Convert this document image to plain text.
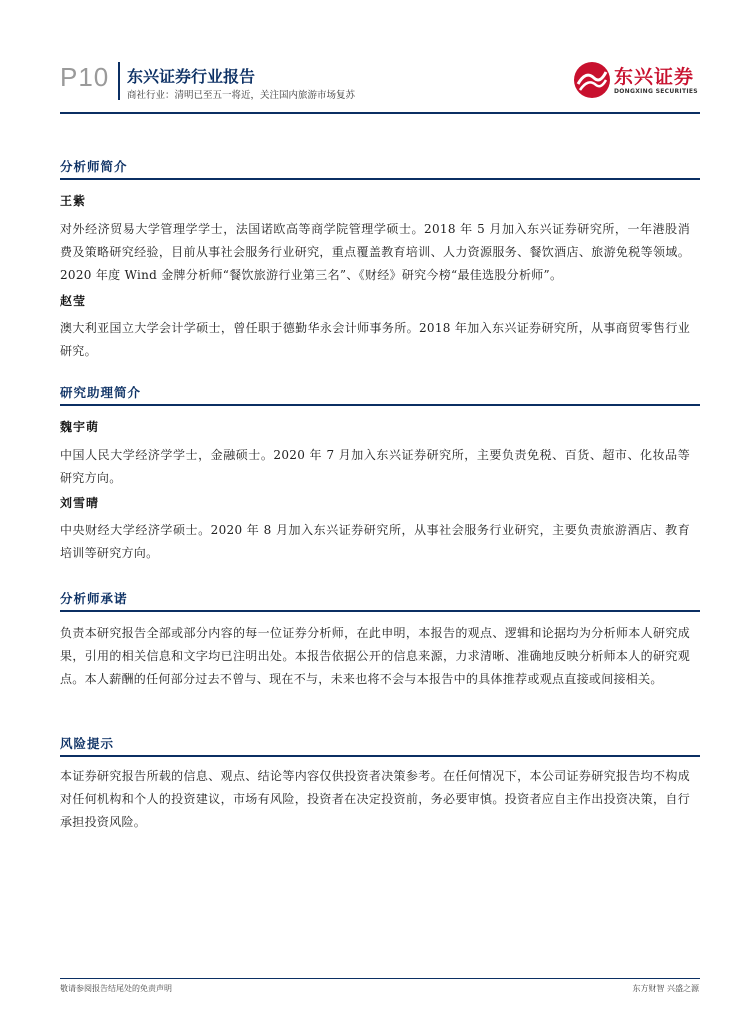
P10 东兴证券行业报告
商社行业：清明已至五一将近，关注国内旅游市场复苏
东兴证券
DONGXING SECURITIES
分析师简介
王紫
对外经济贸易大学管理学学士，法国诺欧高等商学院管理学硕士。2018 年 5 月加入东兴证券研究所，一年港股消费及策略研究经验，目前从事社会服务行业研究，重点覆盖教育培训、人力资源服务、餐饮酒店、旅游免税等领域。2020 年度 Wind 金牌分析师“餐饮旅游行业第三名”、《财经》研究今榜“最佳选股分析师”。
赵莹
澳大利亚国立大学会计学硕士，曾任职于德勤华永会计师事务所。2018 年加入东兴证券研究所，从事商贸零售行业研究。
研究助理简介
魏宇萌
中国人民大学经济学学士，金融硕士。2020 年 7 月加入东兴证券研究所，主要负责免税、百货、超市、化妆品等研究方向。
刘雪晴
中央财经大学经济学硕士。2020 年 8 月加入东兴证券研究所，从事社会服务行业研究，主要负责旅游酒店、教育培训等研究方向。
分析师承诺
负责本研究报告全部或部分内容的每一位证券分析师，在此申明，本报告的观点、逻辑和论据均为分析师本人研究成果，引用的相关信息和文字均已注明出处。本报告依据公开的信息来源，力求清晰、准确地反映分析师本人的研究观点。本人薪酬的任何部分过去不曾与、现在不与，未来也将不会与本报告中的具体推荐或观点直接或间接相关。
风险提示
本证券研究报告所载的信息、观点、结论等内容仅供投资者决策参考。在任何情况下，本公司证券研究报告均不构成对任何机构和个人的投资建议，市场有风险，投资者在决定投资前，务必要审慎。投资者应自主作出投资决策，自行承担投资风险。
敬请参阅报告结尾处的免责声明	东方财智 兴盛之源
